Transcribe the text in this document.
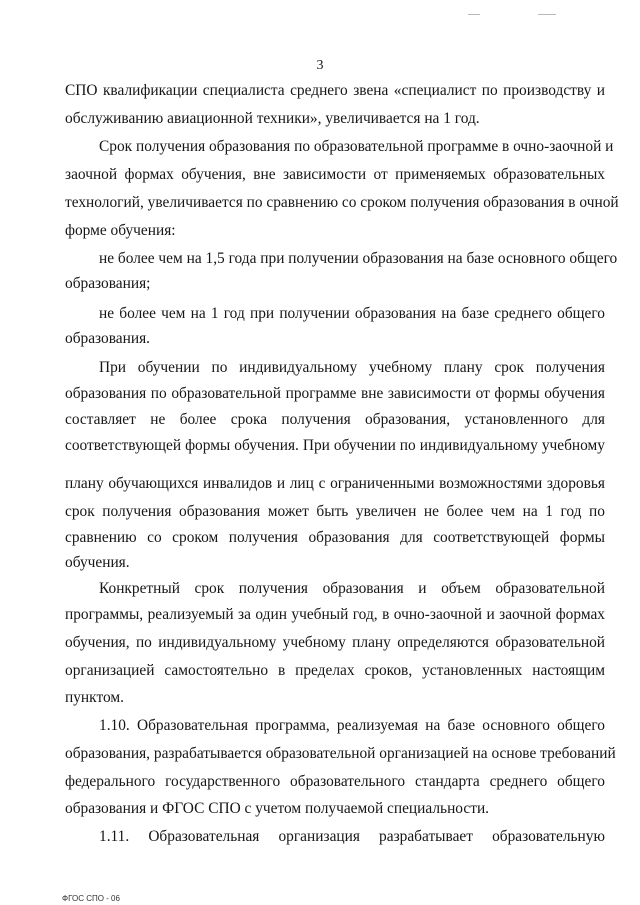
3
СПО квалификации специалиста среднего звена «специалист по производству и
обслуживанию авиационной техники», увеличивается на 1 год.
Срок получения образования по образовательной программе в очно-заочной и
заочной формах обучения, вне зависимости от применяемых образовательных
технологий, увеличивается по сравнению со сроком получения образования в очной
форме обучения:
не более чем на 1,5 года при получении образования на базе основного общего
образования;
не более чем на 1 год при получении образования на базе среднего общего
образования.
При обучении по индивидуальному учебному плану срок получения
образования по образовательной программе вне зависимости от формы обучения
составляет не более срока получения образования, установленного для
соответствующей формы обучения. При обучении по индивидуальному учебному
плану обучающихся инвалидов и лиц с ограниченными возможностями здоровья
срок получения образования может быть увеличен не более чем на 1 год по
сравнению со сроком получения образования для соответствующей формы
обучения.
Конкретный срок получения образования и объем образовательной
программы, реализуемый за один учебный год, в очно-заочной и заочной формах
обучения, по индивидуальному учебному плану определяются образовательной
организацией самостоятельно в пределах сроков, установленных настоящим
пунктом.
1.10. Образовательная программа, реализуемая на базе основного общего
образования, разрабатывается образовательной организацией на основе требований
федерального государственного образовательного стандарта среднего общего
образования и ФГОС СПО с учетом получаемой специальности.
1.11. Образовательная организация разрабатывает образовательную
ФГОС СПО - 06
